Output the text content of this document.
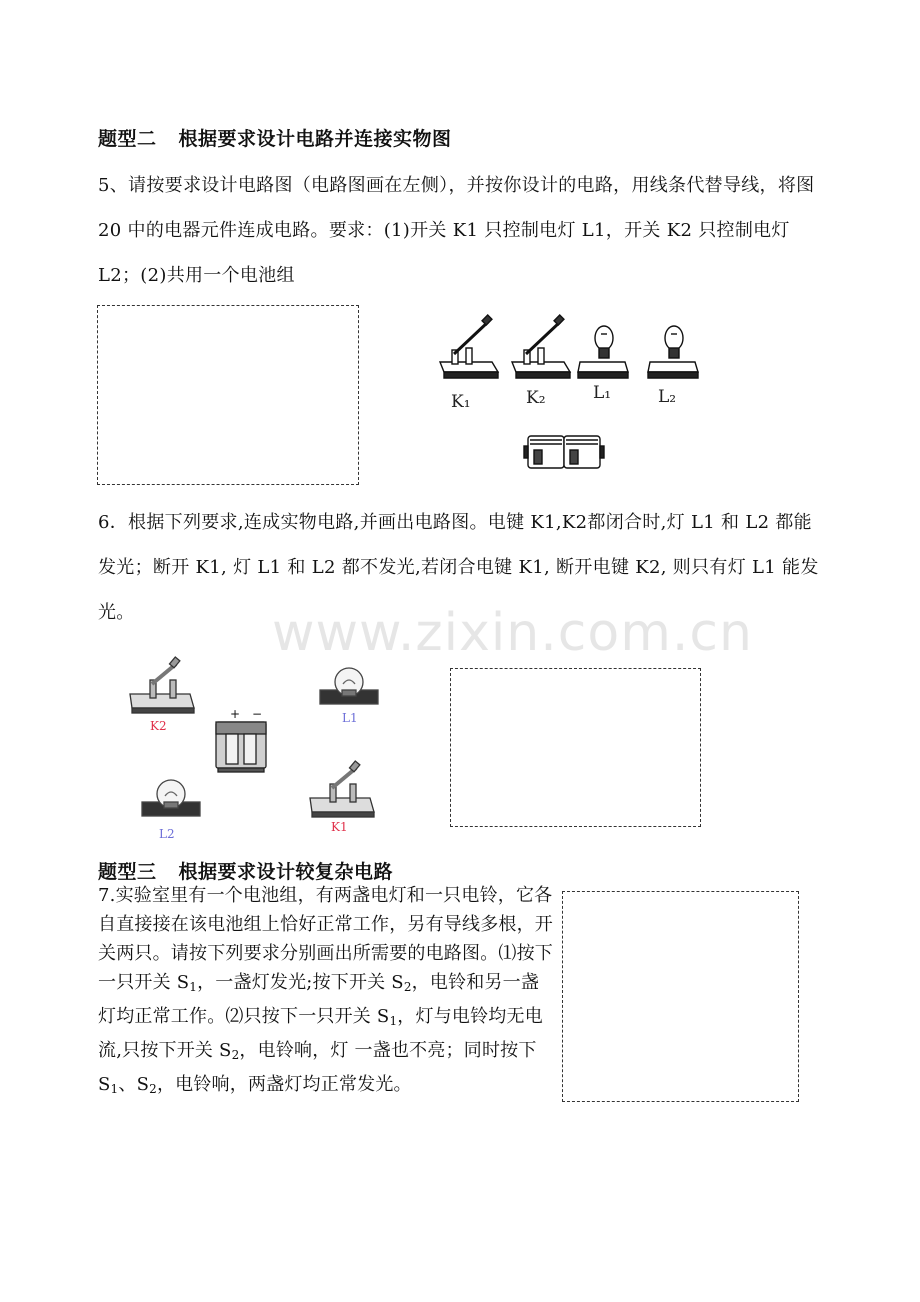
题型二 根据要求设计电路并连接实物图
5、请按要求设计电路图（电路图画在左侧），并按你设计的电路，用线条代替导线，将图 20 中的电器元件连成电路。要求：(1)开关 K1 只控制电灯 L1，开关 K2 只控制电灯 L2；(2)共用一个电池组
K₁	K₂	L₁	L₂
6．根据下列要求,连成实物电路,并画出电路图。电键 K1,K2都闭合时,灯 L1 和 L2 都能发光；断开 K1, 灯 L1 和 L2 都不发光,若闭合电键 K1, 断开电键 K2, 则只有灯 L1 能发光。	www.zixin.com.cn
+ −
K2
L1
L2	K1
题型三 根据要求设计较复杂电路
7.实验室里有一个电池组，有两盏电灯和一只电铃，它各自直接接在该电池组上恰好正常工作，另有导线多根，开关两只。请按下列要求分别画出所需要的电路图。⑴按下一只开关 $S_1$，一盏灯发光;按下开关 $S_2$，电铃和另一盏灯均正常工作。⑵只按下一只开关 $S_1$，灯与电铃均无电流,只按下开关 $S_2$，电铃响，灯 一盏也不亮；同时按下 $S_1$、$S_2$，电铃响，两盏灯均正常发光。
